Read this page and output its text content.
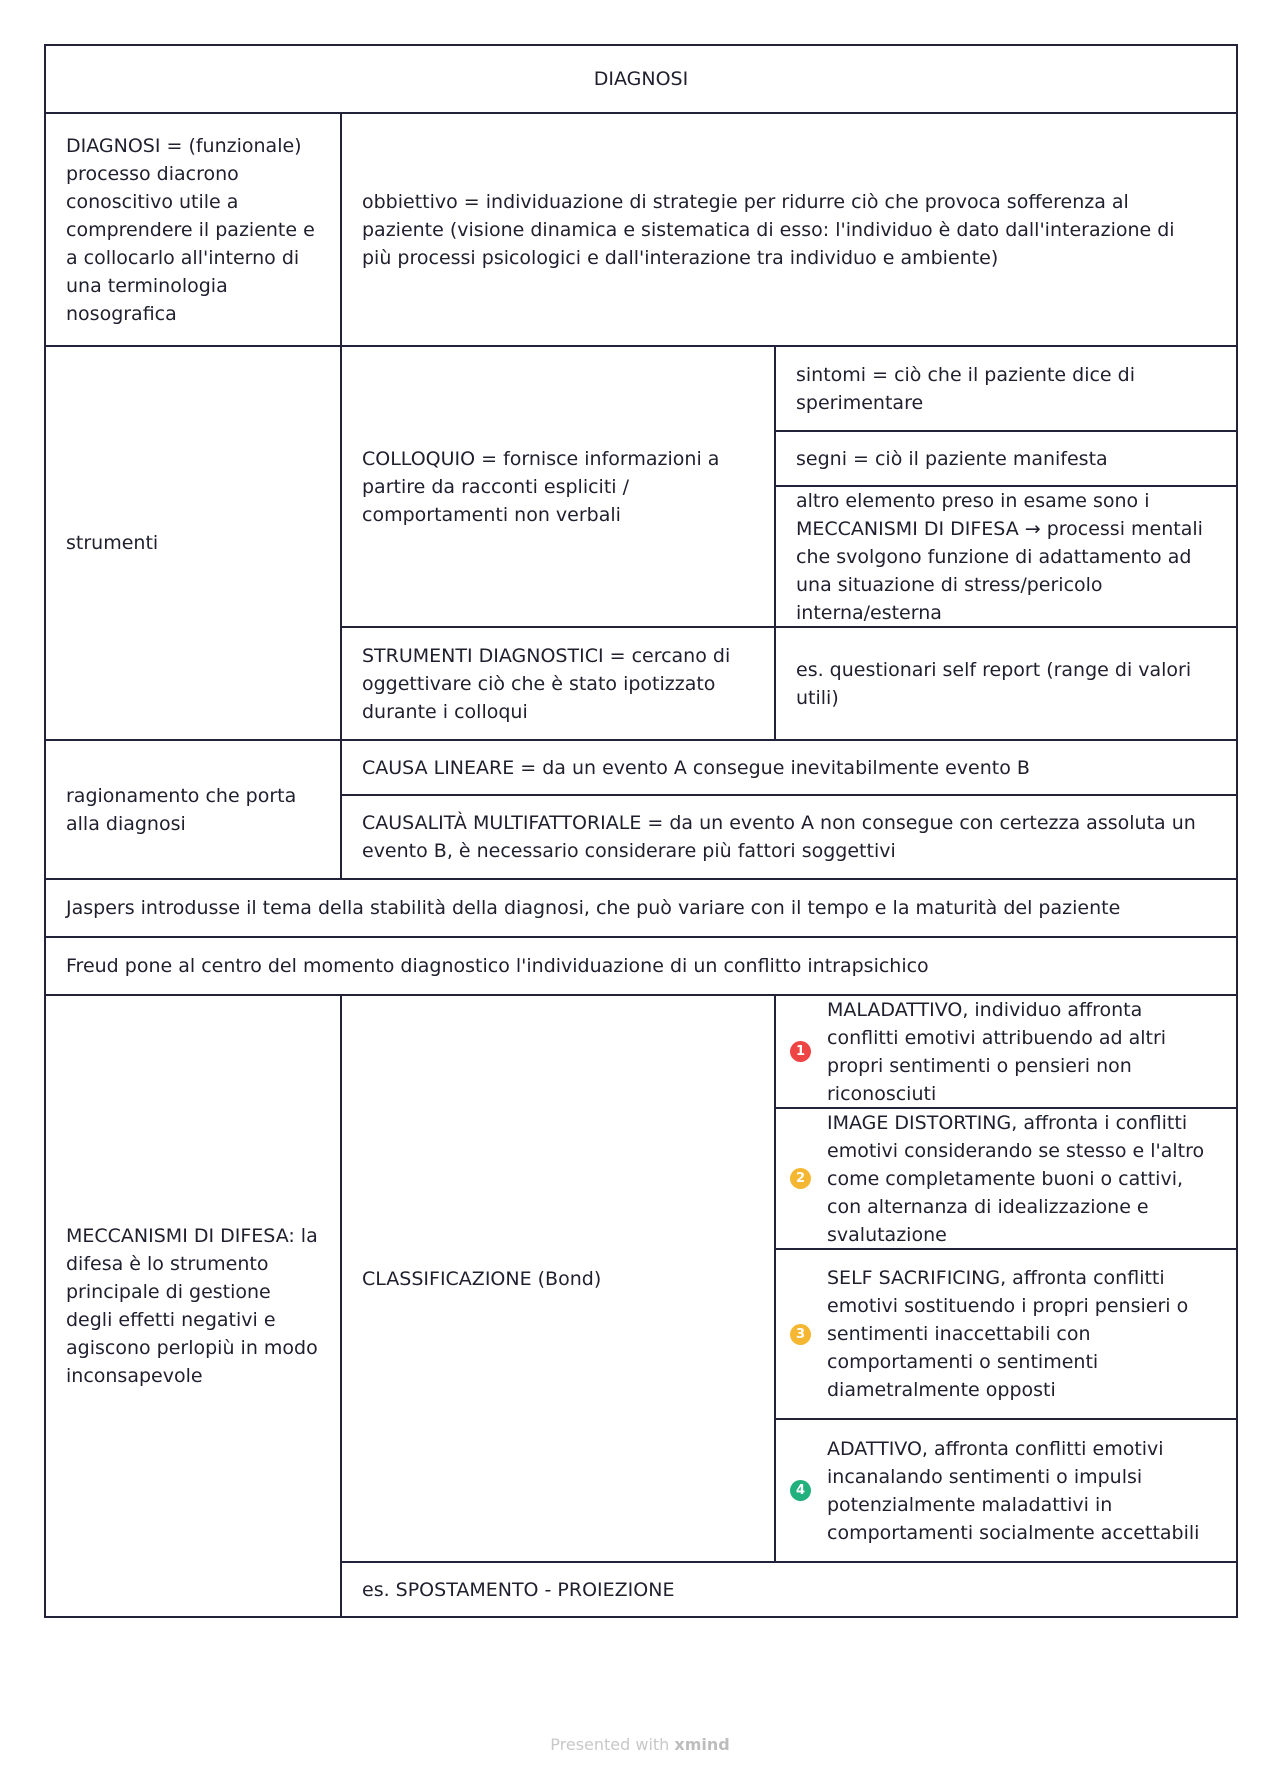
DIAGNOSI
DIAGNOSI = (funzionale) processo diacrono conoscitivo utile a comprendere il paziente e a collocarlo all'interno di una terminologia nosografica
obbiettivo = individuazione di strategie per ridurre ciò che provoca sofferenza al paziente (visione dinamica e sistematica di esso: l'individuo è dato dall'interazione di più processi psicologici e dall'interazione tra individuo e ambiente)
strumenti
COLLOQUIO = fornisce informazioni a partire da racconti espliciti / comportamenti non verbali
sintomi = ciò che il paziente dice di sperimentare
segni = ciò il paziente manifesta
altro elemento preso in esame sono i MECCANISMI DI DIFESA → processi mentali che svolgono funzione di adattamento ad una situazione di stress/pericolo interna/esterna
STRUMENTI DIAGNOSTICI = cercano di oggettivare ciò che è stato ipotizzato durante i colloqui
es. questionari self report (range di valori utili)
ragionamento che porta alla diagnosi
CAUSA LINEARE = da un evento A consegue inevitabilmente evento B
CAUSALITÀ MULTIFATTORIALE = da un evento A non consegue con certezza assoluta un evento B, è necessario considerare più fattori soggettivi
Jaspers introdusse il tema della stabilità della diagnosi, che può variare con il tempo e la maturità del paziente
Freud pone al centro del momento diagnostico l'individuazione di un conflitto intrapsichico
MECCANISMI DI DIFESA: la difesa è lo strumento principale di gestione degli effetti negativi e agiscono perlopiù in modo inconsapevole
CLASSIFICAZIONE (Bond)
1
MALADATTIVO, individuo affronta conflitti emotivi attribuendo ad altri propri sentimenti o pensieri non riconosciuti
2
IMAGE DISTORTING, affronta i conflitti emotivi considerando se stesso e l'altro come completamente buoni o cattivi, con alternanza di idealizzazione e svalutazione
3
SELF SACRIFICING, affronta conflitti emotivi sostituendo i propri pensieri o sentimenti inaccettabili con comportamenti o sentimenti diametralmente opposti
4
ADATTIVO, affronta conflitti emotivi incanalando sentimenti o impulsi potenzialmente maladattivi in comportamenti socialmente accettabili
es. SPOSTAMENTO - PROIEZIONE
Presented with xmind
